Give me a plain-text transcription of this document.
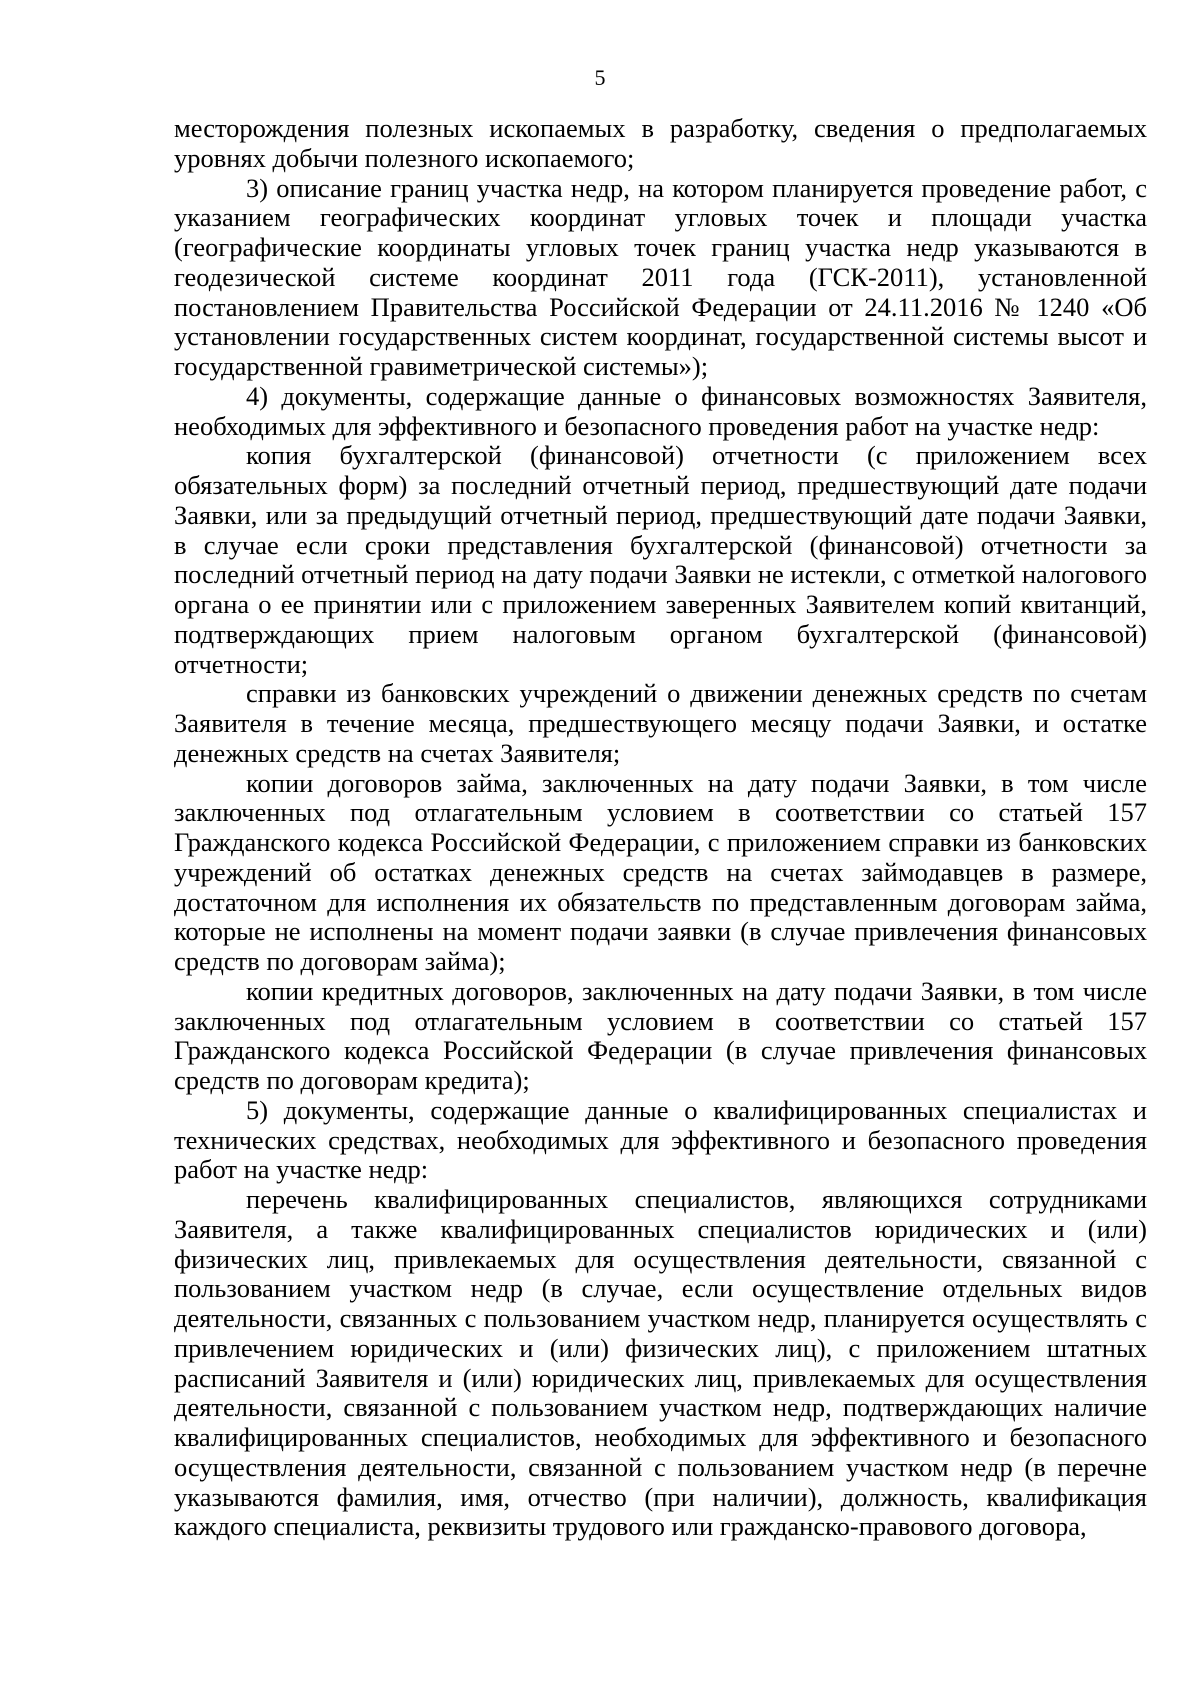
5

месторождения полезных ископаемых в разработку, сведения о предполагаемых уровнях добычи полезного ископаемого;

3) описание границ участка недр, на котором планируется проведение работ, с указанием географических координат угловых точек и площади участка (географические координаты угловых точек границ участка недр указываются в геодезической системе координат 2011 года (ГСК-2011), установленной постановлением Правительства Российской Федерации от 24.11.2016 № 1240 «Об установлении государственных систем координат, государственной системы высот и государственной гравиметрической системы»);

4) документы, содержащие данные о финансовых возможностях Заявителя, необходимых для эффективного и безопасного проведения работ на участке недр:

копия бухгалтерской (финансовой) отчетности (с приложением всех обязательных форм) за последний отчетный период, предшествующий дате подачи Заявки, или за предыдущий отчетный период, предшествующий дате подачи Заявки, в случае если сроки представления бухгалтерской (финансовой) отчетности за последний отчетный период на дату подачи Заявки не истекли, с отметкой налогового органа о ее принятии или с приложением заверенных Заявителем копий квитанций, подтверждающих прием налоговым органом бухгалтерской (финансовой) отчетности;

справки из банковских учреждений о движении денежных средств по счетам Заявителя в течение месяца, предшествующего месяцу подачи Заявки, и остатке денежных средств на счетах Заявителя;

копии договоров займа, заключенных на дату подачи Заявки, в том числе заключенных под отлагательным условием в соответствии со статьей 157 Гражданского кодекса Российской Федерации, с приложением справки из банковских учреждений об остатках денежных средств на счетах займодавцев в размере, достаточном для исполнения их обязательств по представленным договорам займа, которые не исполнены на момент подачи заявки (в случае привлечения финансовых средств по договорам займа);

копии кредитных договоров, заключенных на дату подачи Заявки, в том числе заключенных под отлагательным условием в соответствии со статьей 157 Гражданского кодекса Российской Федерации (в случае привлечения финансовых средств по договорам кредита);

5) документы, содержащие данные о квалифицированных специалистах и технических средствах, необходимых для эффективного и безопасного проведения работ на участке недр:

перечень квалифицированных специалистов, являющихся сотрудниками Заявителя, а также квалифицированных специалистов юридических и (или) физических лиц, привлекаемых для осуществления деятельности, связанной с пользованием участком недр (в случае, если осуществление отдельных видов деятельности, связанных с пользованием участком недр, планируется осуществлять с привлечением юридических и (или) физических лиц), с приложением штатных расписаний Заявителя и (или) юридических лиц, привлекаемых для осуществления деятельности, связанной с пользованием участком недр, подтверждающих наличие квалифицированных специалистов, необходимых для эффективного и безопасного осуществления деятельности, связанной с пользованием участком недр (в перечне указываются фамилия, имя, отчество (при наличии), должность, квалификация каждого специалиста, реквизиты трудового или гражданско-правового договора,
